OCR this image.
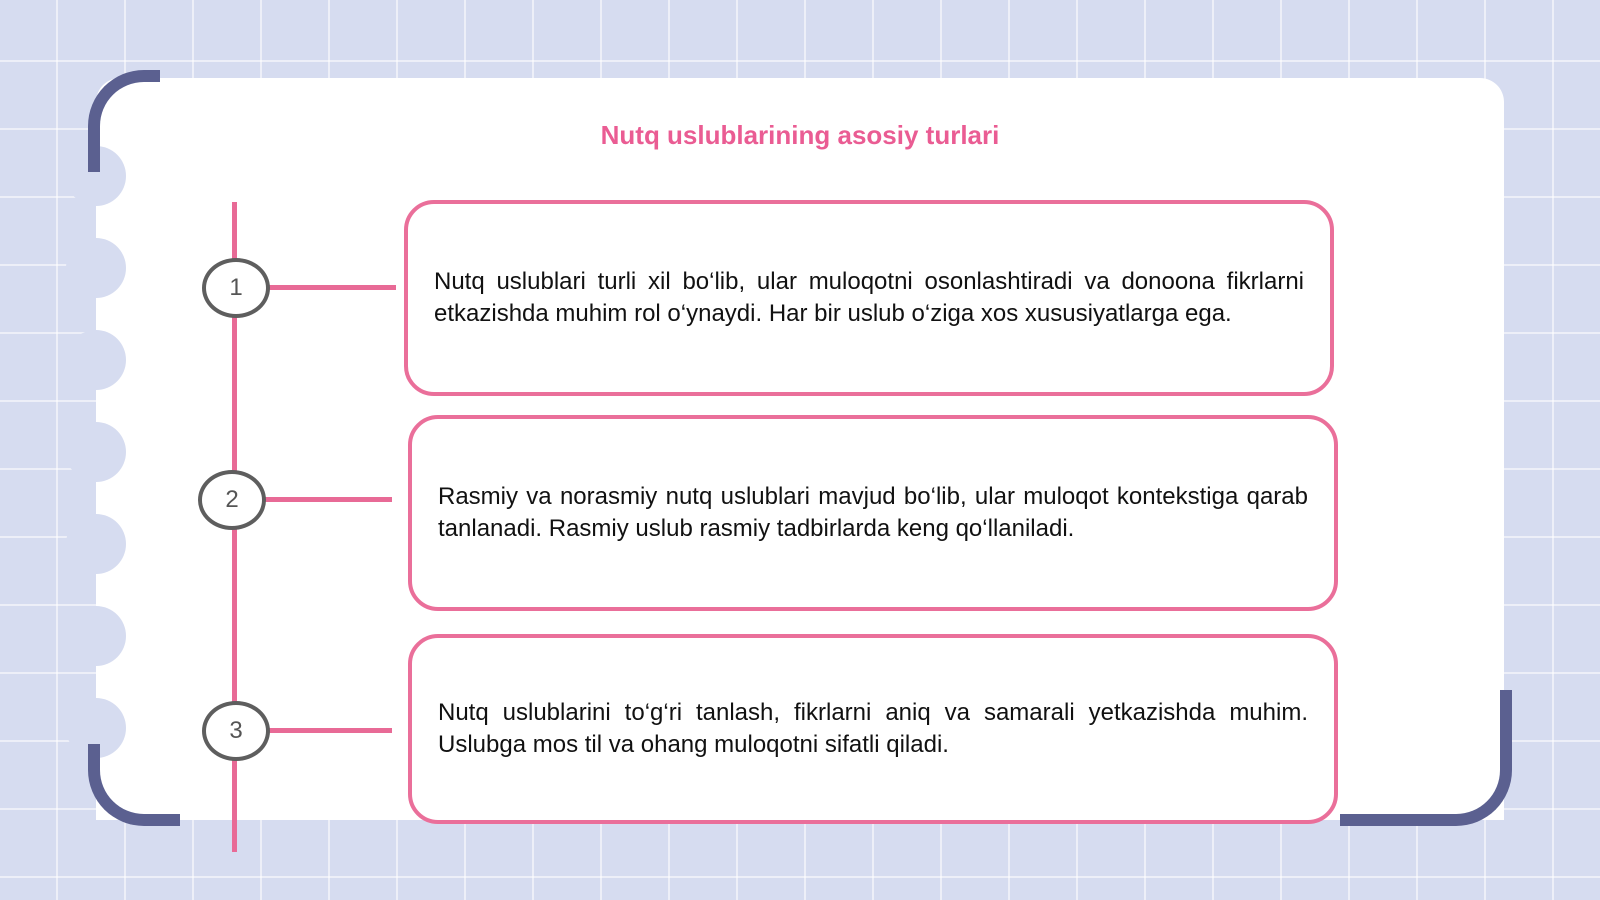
Nutq uslublarining asosiy turlari
1	Nutq uslublari turli xil bo‘lib, ular muloqotni osonlashtiradi va donoona fikrlarni etkazishda muhim rol o‘ynaydi. Har bir uslub o‘ziga xos xususiyatlarga ega.
2	Rasmiy va norasmiy nutq uslublari mavjud bo‘lib, ular muloqot kontekstiga qarab tanlanadi. Rasmiy uslub rasmiy tadbirlarda keng qo‘llaniladi.
3
Nutq uslublarini to‘g‘ri tanlash, fikrlarni aniq va samarali yetkazishda muhim. Uslubga mos til va ohang muloqotni sifatli qiladi.
